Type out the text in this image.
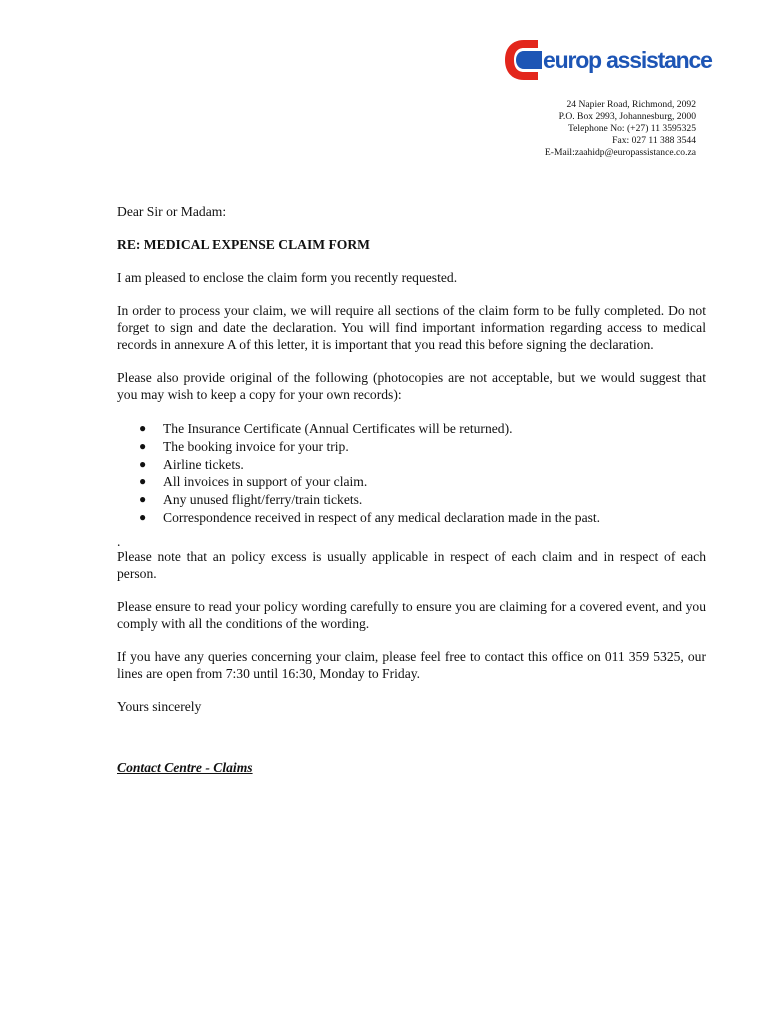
europ assistance
24 Napier Road, Richmond, 2092
P.O. Box 2993, Johannesburg, 2000
Telephone No: (+27) 11 3595325
Fax: 027 11 388 3544
E-Mail:zaahidp@europassistance.co.za

Dear Sir or Madam:

RE: MEDICAL EXPENSE CLAIM FORM

I am pleased to enclose the claim form you recently requested.

In order to process your claim, we will require all sections of the claim form to be fully completed. Do not forget to sign and date the declaration. You will find important information regarding access to medical records in annexure A of this letter, it is important that you read this before signing the declaration.

Please also provide original of the following (photocopies are not acceptable, but we would suggest that you may wish to keep a copy for your own records):

● The Insurance Certificate (Annual Certificates will be returned).
● The booking invoice for your trip.
● Airline tickets.
● All invoices in support of your claim.
● Any unused flight/ferry/train tickets.
● Correspondence received in respect of any medical declaration made in the past.

.

Please note that an policy excess is usually applicable in respect of each claim and in respect of each person.

Please ensure to read your policy wording carefully to ensure you are claiming for a covered event, and you comply with all the conditions of the wording.

If you have any queries concerning your claim, please feel free to contact this office on 011 359 5325, our lines are open from 7:30 until 16:30, Monday to Friday.

Yours sincerely

Contact Centre - Claims
